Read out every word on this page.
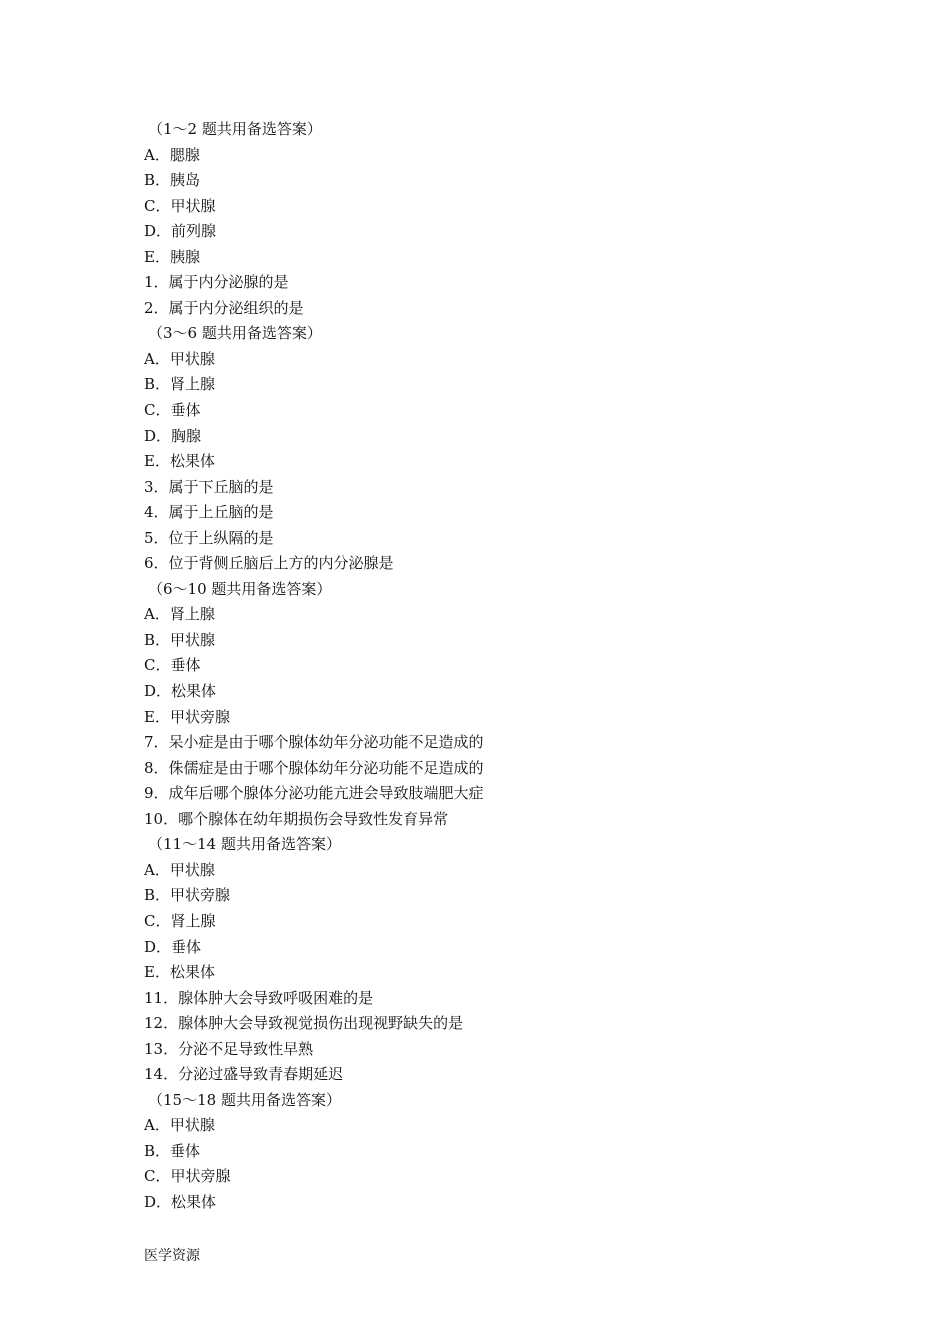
（1～2 题共用备选答案）
A．腮腺
B．胰岛
C．甲状腺
D．前列腺
E．胰腺
1．属于内分泌腺的是
2．属于内分泌组织的是
（3～6 题共用备选答案）
A．甲状腺
B．肾上腺
C．垂体
D．胸腺
E．松果体
3．属于下丘脑的是
4．属于上丘脑的是
5．位于上纵隔的是
6．位于背侧丘脑后上方的内分泌腺是
（6～10 题共用备选答案）
A．肾上腺
B．甲状腺
C．垂体
D．松果体
E．甲状旁腺
7．呆小症是由于哪个腺体幼年分泌功能不足造成的
8．侏儒症是由于哪个腺体幼年分泌功能不足造成的
9．成年后哪个腺体分泌功能亢进会导致肢端肥大症
10．哪个腺体在幼年期损伤会导致性发育异常
（11～14 题共用备选答案）
A．甲状腺
B．甲状旁腺
C．肾上腺
D．垂体
E．松果体
11．腺体肿大会导致呼吸困难的是
12．腺体肿大会导致视觉损伤出现视野缺失的是
13．分泌不足导致性早熟
14．分泌过盛导致青春期延迟
（15～18 题共用备选答案）
A．甲状腺
B．垂体
C．甲状旁腺
D．松果体
医学资源
